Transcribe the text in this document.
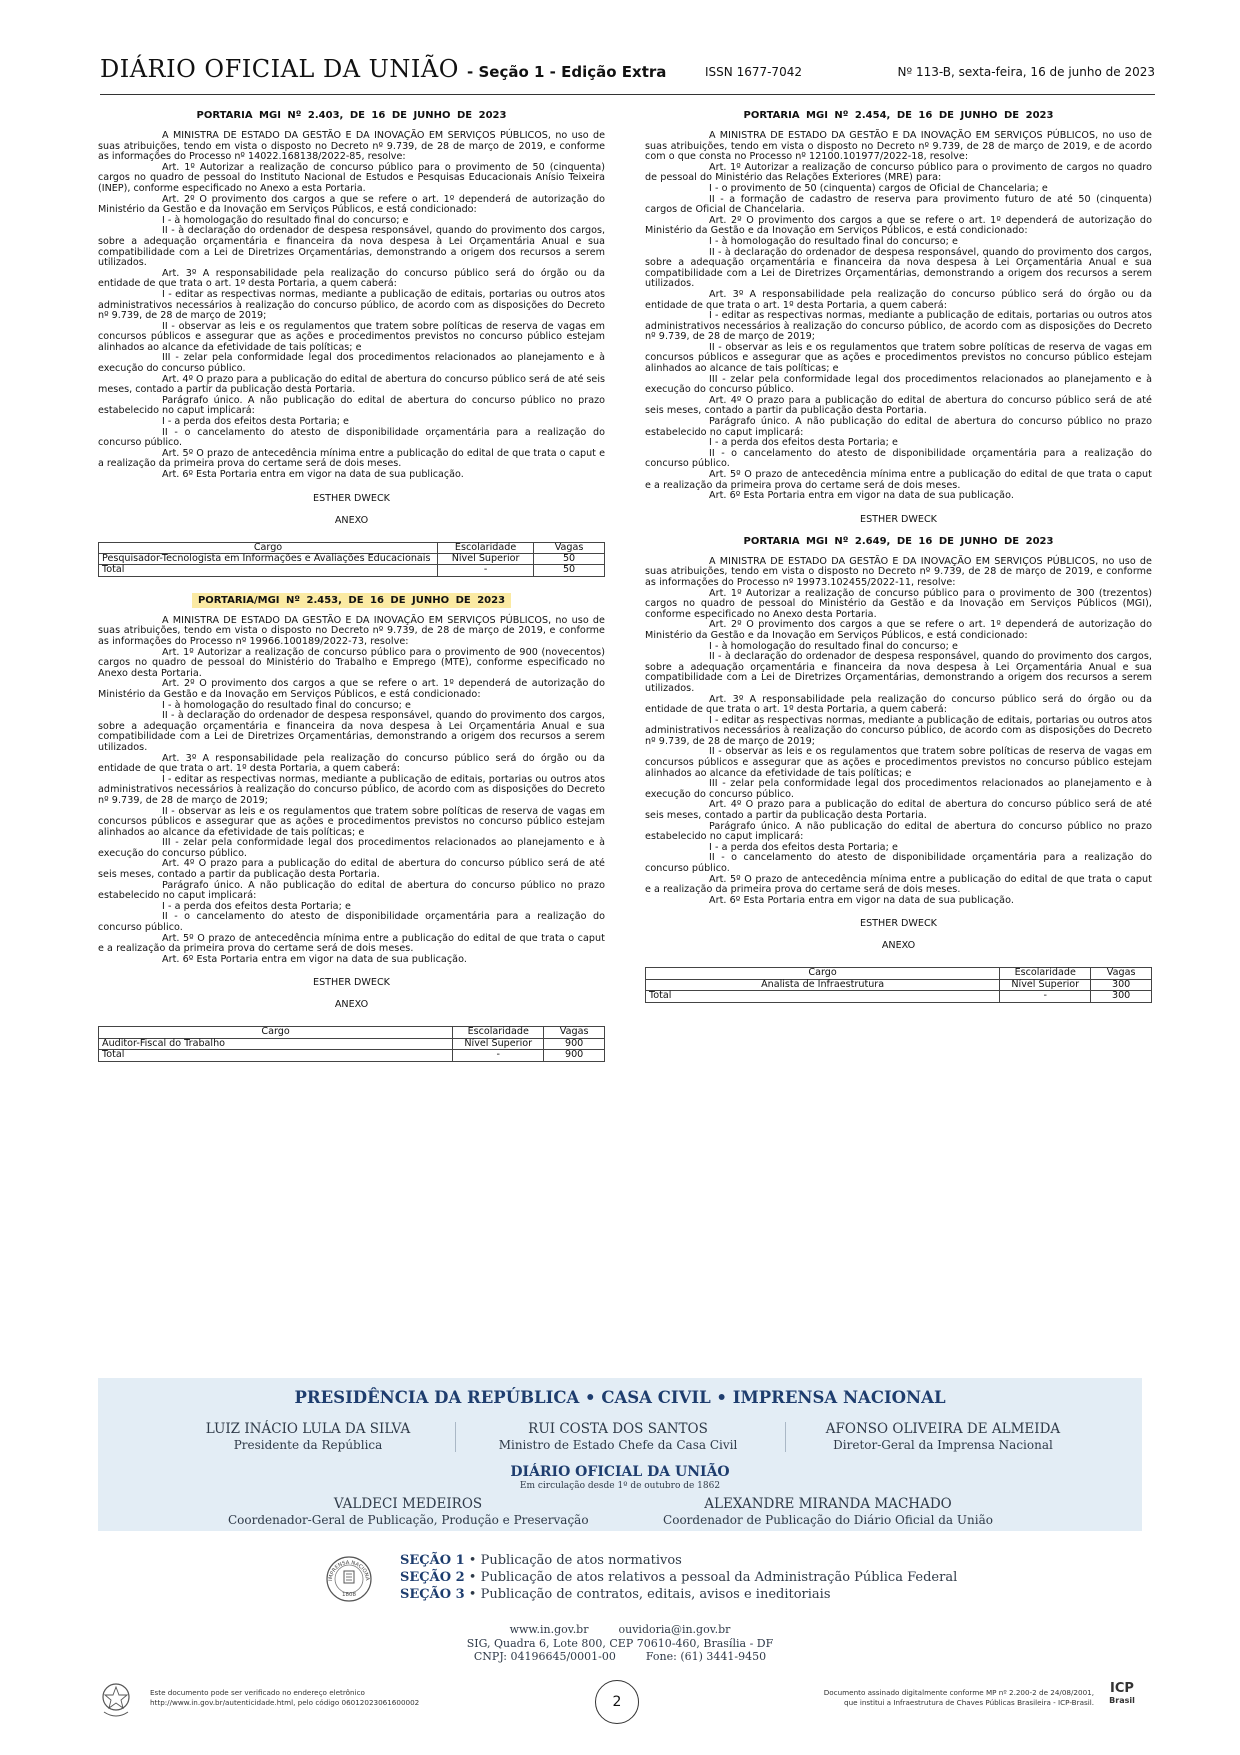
DIÁRIO OFICIAL DA UNIÃO - Seção 1 - Edição Extra	ISSN 1677-7042	Nº 113-B, sexta-feira, 16 de junho de 2023
PORTARIA MGI Nº 2.403, DE 16 DE JUNHO DE 2023

A MINISTRA DE ESTADO DA GESTÃO E DA INOVAÇÃO EM SERVIÇOS PÚBLICOS, no uso de suas atribuições, tendo em vista o disposto no Decreto nº 9.739, de 28 de março de 2019, e conforme as informações do Processo nº 14022.168138/2022-85, resolve:

Art. 1º Autorizar a realização de concurso público para o provimento de 50 (cinquenta) cargos no quadro de pessoal do Instituto Nacional de Estudos e Pesquisas Educacionais Anísio Teixeira (INEP), conforme especificado no Anexo a esta Portaria.

Art. 2º O provimento dos cargos a que se refere o art. 1º dependerá de autorização do Ministério da Gestão e da Inovação em Serviços Públicos, e está condicionado:

I - à homologação do resultado final do concurso; e

II - à declaração do ordenador de despesa responsável, quando do provimento dos cargos, sobre a adequação orçamentária e financeira da nova despesa à Lei Orçamentária Anual e sua compatibilidade com a Lei de Diretrizes Orçamentárias, demonstrando a origem dos recursos a serem utilizados.

Art. 3º A responsabilidade pela realização do concurso público será do órgão ou da entidade de que trata o art. 1º desta Portaria, a quem caberá:

I - editar as respectivas normas, mediante a publicação de editais, portarias ou outros atos administrativos necessários à realização do concurso público, de acordo com as disposições do Decreto nº 9.739, de 28 de março de 2019;

II - observar as leis e os regulamentos que tratem sobre políticas de reserva de vagas em concursos públicos e assegurar que as ações e procedimentos previstos no concurso público estejam alinhados ao alcance da efetividade de tais políticas; e

III - zelar pela conformidade legal dos procedimentos relacionados ao planejamento e à execução do concurso público.

Art. 4º O prazo para a publicação do edital de abertura do concurso público será de até seis meses, contado a partir da publicação desta Portaria.

Parágrafo único. A não publicação do edital de abertura do concurso público no prazo estabelecido no caput implicará:

I - a perda dos efeitos desta Portaria; e

II - o cancelamento do atesto de disponibilidade orçamentária para a realização do concurso público.

Art. 5º O prazo de antecedência mínima entre a publicação do edital de que trata o caput e a realização da primeira prova do certame será de dois meses.

Art. 6º Esta Portaria entra em vigor na data de sua publicação.

ESTHER DWECK
ANEXO
Cargo	Escolaridade	Vagas
Pesquisador-Tecnologista em Informações e Avaliações Educacionais	Nível Superior	50
Total	-	50
PORTARIA/MGI Nº 2.453, DE 16 DE JUNHO DE 2023

A MINISTRA DE ESTADO DA GESTÃO E DA INOVAÇÃO EM SERVIÇOS PÚBLICOS, no uso de suas atribuições, tendo em vista o disposto no Decreto nº 9.739, de 28 de março de 2019, e conforme as informações do Processo nº 19966.100189/2022-73, resolve:

Art. 1º Autorizar a realização de concurso público para o provimento de 900 (novecentos) cargos no quadro de pessoal do Ministério do Trabalho e Emprego (MTE), conforme especificado no Anexo desta Portaria.

Art. 2º O provimento dos cargos a que se refere o art. 1º dependerá de autorização do Ministério da Gestão e da Inovação em Serviços Públicos, e está condicionado:

I - à homologação do resultado final do concurso; e

II - à declaração do ordenador de despesa responsável, quando do provimento dos cargos, sobre a adequação orçamentária e financeira da nova despesa à Lei Orçamentária Anual e sua compatibilidade com a Lei de Diretrizes Orçamentárias, demonstrando a origem dos recursos a serem utilizados.

Art. 3º A responsabilidade pela realização do concurso público será do órgão ou da entidade de que trata o art. 1º desta Portaria, a quem caberá:

I - editar as respectivas normas, mediante a publicação de editais, portarias ou outros atos administrativos necessários à realização do concurso público, de acordo com as disposições do Decreto nº 9.739, de 28 de março de 2019;

II - observar as leis e os regulamentos que tratem sobre políticas de reserva de vagas em concursos públicos e assegurar que as ações e procedimentos previstos no concurso público estejam alinhados ao alcance da efetividade de tais políticas; e

III - zelar pela conformidade legal dos procedimentos relacionados ao planejamento e à execução do concurso público.

Art. 4º O prazo para a publicação do edital de abertura do concurso público será de até seis meses, contado a partir da publicação desta Portaria.

Parágrafo único. A não publicação do edital de abertura do concurso público no prazo estabelecido no caput implicará:

I - a perda dos efeitos desta Portaria; e

II - o cancelamento do atesto de disponibilidade orçamentária para a realização do concurso público.

Art. 5º O prazo de antecedência mínima entre a publicação do edital de que trata o caput e a realização da primeira prova do certame será de dois meses.

Art. 6º Esta Portaria entra em vigor na data de sua publicação.

ESTHER DWECK
ANEXO
Cargo	Escolaridade	Vagas
Auditor-Fiscal do Trabalho	Nível Superior	900
Total	-	900
PORTARIA MGI Nº 2.454, DE 16 DE JUNHO DE 2023

A MINISTRA DE ESTADO DA GESTÃO E DA INOVAÇÃO EM SERVIÇOS PÚBLICOS, no uso de suas atribuições, tendo em vista o disposto no Decreto nº 9.739, de 28 de março de 2019, e de acordo com o que consta no Processo nº 12100.101977/2022-18, resolve:

Art. 1º Autorizar a realização de concurso público para o provimento de cargos no quadro de pessoal do Ministério das Relações Exteriores (MRE) para:

I - o provimento de 50 (cinquenta) cargos de Oficial de Chancelaria; e

II - a formação de cadastro de reserva para provimento futuro de até 50 (cinquenta) cargos de Oficial de Chancelaria.

Art. 2º O provimento dos cargos a que se refere o art. 1º dependerá de autorização do Ministério da Gestão e da Inovação em Serviços Públicos, e está condicionado:

I - à homologação do resultado final do concurso; e

II - à declaração do ordenador de despesa responsável, quando do provimento dos cargos, sobre a adequação orçamentária e financeira da nova despesa à Lei Orçamentária Anual e sua compatibilidade com a Lei de Diretrizes Orçamentárias, demonstrando a origem dos recursos a serem utilizados.

Art. 3º A responsabilidade pela realização do concurso público será do órgão ou da entidade de que trata o art. 1º desta Portaria, a quem caberá:

I - editar as respectivas normas, mediante a publicação de editais, portarias ou outros atos administrativos necessários à realização do concurso público, de acordo com as disposições do Decreto nº 9.739, de 28 de março de 2019;

II - observar as leis e os regulamentos que tratem sobre políticas de reserva de vagas em concursos públicos e assegurar que as ações e procedimentos previstos no concurso público estejam alinhados ao alcance de tais políticas; e

III - zelar pela conformidade legal dos procedimentos relacionados ao planejamento e à execução do concurso público.

Art. 4º O prazo para a publicação do edital de abertura do concurso público será de até seis meses, contado a partir da publicação desta Portaria.

Parágrafo único. A não publicação do edital de abertura do concurso público no prazo estabelecido no caput implicará:

I - a perda dos efeitos desta Portaria; e

II - o cancelamento do atesto de disponibilidade orçamentária para a realização do concurso público.

Art. 5º O prazo de antecedência mínima entre a publicação do edital de que trata o caput e a realização da primeira prova do certame será de dois meses.

Art. 6º Esta Portaria entra em vigor na data de sua publicação.

ESTHER DWECK
PORTARIA MGI Nº 2.649, DE 16 DE JUNHO DE 2023

A MINISTRA DE ESTADO DA GESTÃO E DA INOVAÇÃO EM SERVIÇOS PÚBLICOS, no uso de suas atribuições, tendo em vista o disposto no Decreto nº 9.739, de 28 de março de 2019, e conforme as informações do Processo nº 19973.102455/2022-11, resolve:

Art. 1º Autorizar a realização de concurso público para o provimento de 300 (trezentos) cargos no quadro de pessoal do Ministério da Gestão e da Inovação em Serviços Públicos (MGI), conforme especificado no Anexo desta Portaria.

Art. 2º O provimento dos cargos a que se refere o art. 1º dependerá de autorização do Ministério da Gestão e da Inovação em Serviços Públicos, e está condicionado:

I - à homologação do resultado final do concurso; e

II - à declaração do ordenador de despesa responsável, quando do provimento dos cargos, sobre a adequação orçamentária e financeira da nova despesa à Lei Orçamentária Anual e sua compatibilidade com a Lei de Diretrizes Orçamentárias, demonstrando a origem dos recursos a serem utilizados.

Art. 3º A responsabilidade pela realização do concurso público será do órgão ou da entidade de que trata o art. 1º desta Portaria, a quem caberá:

I - editar as respectivas normas, mediante a publicação de editais, portarias ou outros atos administrativos necessários à realização do concurso público, de acordo com as disposições do Decreto nº 9.739, de 28 de março de 2019;

II - observar as leis e os regulamentos que tratem sobre políticas de reserva de vagas em concursos públicos e assegurar que as ações e procedimentos previstos no concurso público estejam alinhados ao alcance da efetividade de tais políticas; e

III - zelar pela conformidade legal dos procedimentos relacionados ao planejamento e à execução do concurso público.

Art. 4º O prazo para a publicação do edital de abertura do concurso público será de até seis meses, contado a partir da publicação desta Portaria.

Parágrafo único. A não publicação do edital de abertura do concurso público no prazo estabelecido no caput implicará:

I - a perda dos efeitos desta Portaria; e

II - o cancelamento do atesto de disponibilidade orçamentária para a realização do concurso público.

Art. 5º O prazo de antecedência mínima entre a publicação do edital de que trata o caput e a realização da primeira prova do certame será de dois meses.

Art. 6º Esta Portaria entra em vigor na data de sua publicação.

ESTHER DWECK
ANEXO
Cargo	Escolaridade	Vagas
Analista de Infraestrutura	Nível Superior	300
Total	-	300
PRESIDÊNCIA DA REPÚBLICA • CASA CIVIL • IMPRENSA NACIONAL
LUIZ INÁCIO LULA DA SILVA
Presidente da República
RUI COSTA DOS SANTOS
Ministro de Estado Chefe da Casa Civil
AFONSO OLIVEIRA DE ALMEIDA
Diretor-Geral da Imprensa Nacional
DIÁRIO OFICIAL DA UNIÃO
Em circulação desde 1º de outubro de 1862
VALDECI MEDEIROS
Coordenador-Geral de Publicação, Produção e Preservação
ALEXANDRE MIRANDA MACHADO
Coordenador de Publicação do Diário Oficial da União
IMPRENSA NACIONA
1808
SEÇÃO 1 • Publicação de atos normativos
SEÇÃO 2 • Publicação de atos relativos a pessoal da Administração Pública Federal
SEÇÃO 3 • Publicação de contratos, editais, avisos e ineditoriais
www.in.gov.br	ouvidoria@in.gov.br
SIG, Quadra 6, Lote 800, CEP 70610-460, Brasília - DF
CNPJ: 04196645/0001-00	Fone: (61) 3441-9450
Este documento pode ser verificado no endereço eletrônico
http://www.in.gov.br/autenticidade.html, pelo código 06012023061600002	2
Documento assinado digitalmente conforme MP nº 2.200-2 de 24/08/2001,
que institui a Infraestrutura de Chaves Públicas Brasileira - ICP-Brasil.
ICP
Brasil
